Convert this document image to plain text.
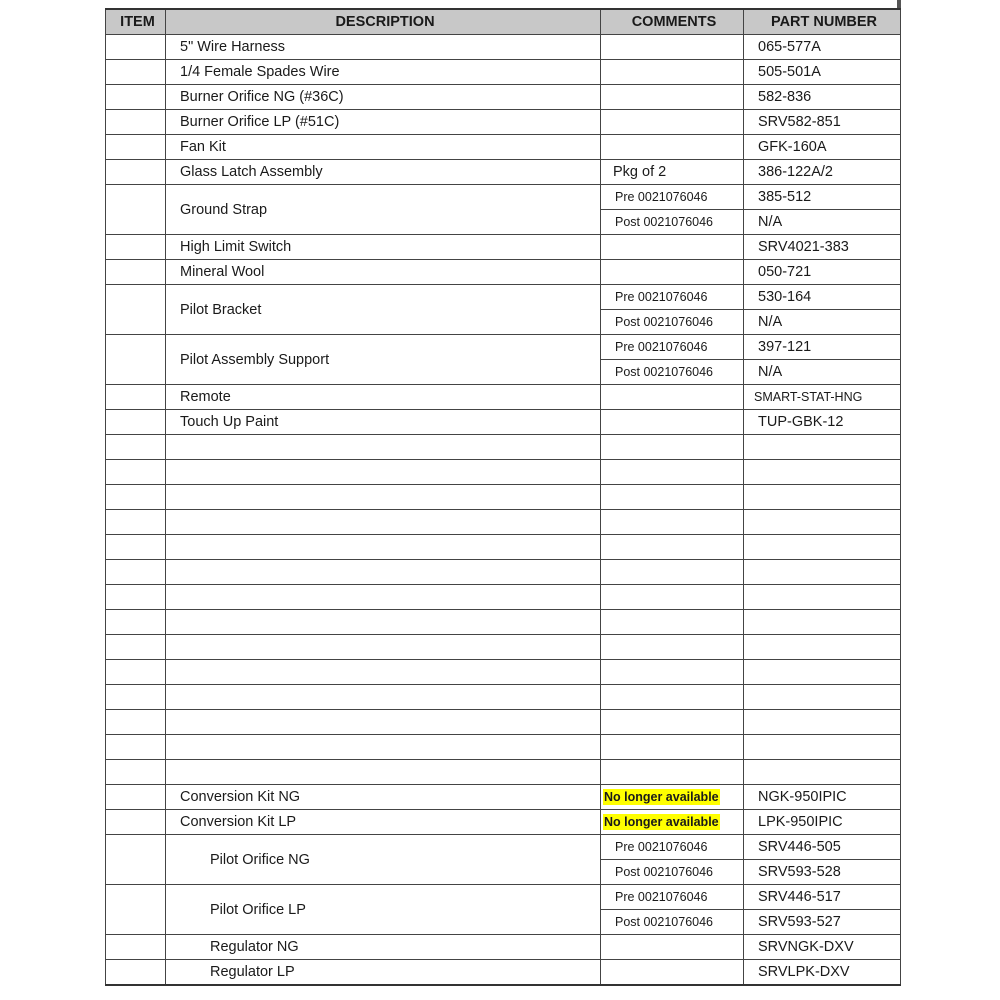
ITEM	DESCRIPTION	COMMENTS	PART NUMBER
	5" Wire Harness		065-577A
	1/4 Female Spades Wire		505-501A
	Burner Orifice NG (#36C)		582-836
	Burner Orifice LP (#51C)		SRV582-851
	Fan Kit		GFK-160A
	Glass Latch Assembly	Pkg of 2	386-122A/2
	Ground Strap	Pre 0021076046	385-512
		Post 0021076046	N/A
	High Limit Switch		SRV4021-383
	Mineral Wool		050-721
	Pilot Bracket	Pre 0021076046	530-164
		Post 0021076046	N/A
	Pilot Assembly Support	Pre 0021076046	397-121
		Post 0021076046	N/A
	Remote		SMART-STAT-HNG
	Touch Up Paint		TUP-GBK-12

	Conversion Kit NG	No longer available	NGK-950IPIC
	Conversion Kit LP	No longer available	LPK-950IPIC
	Pilot Orifice NG	Pre 0021076046	SRV446-505
		Post 0021076046	SRV593-528
	Pilot Orifice LP	Pre 0021076046	SRV446-517
		Post 0021076046	SRV593-527
	Regulator NG		SRVNGK-DXV
	Regulator LP		SRVLPK-DXV
